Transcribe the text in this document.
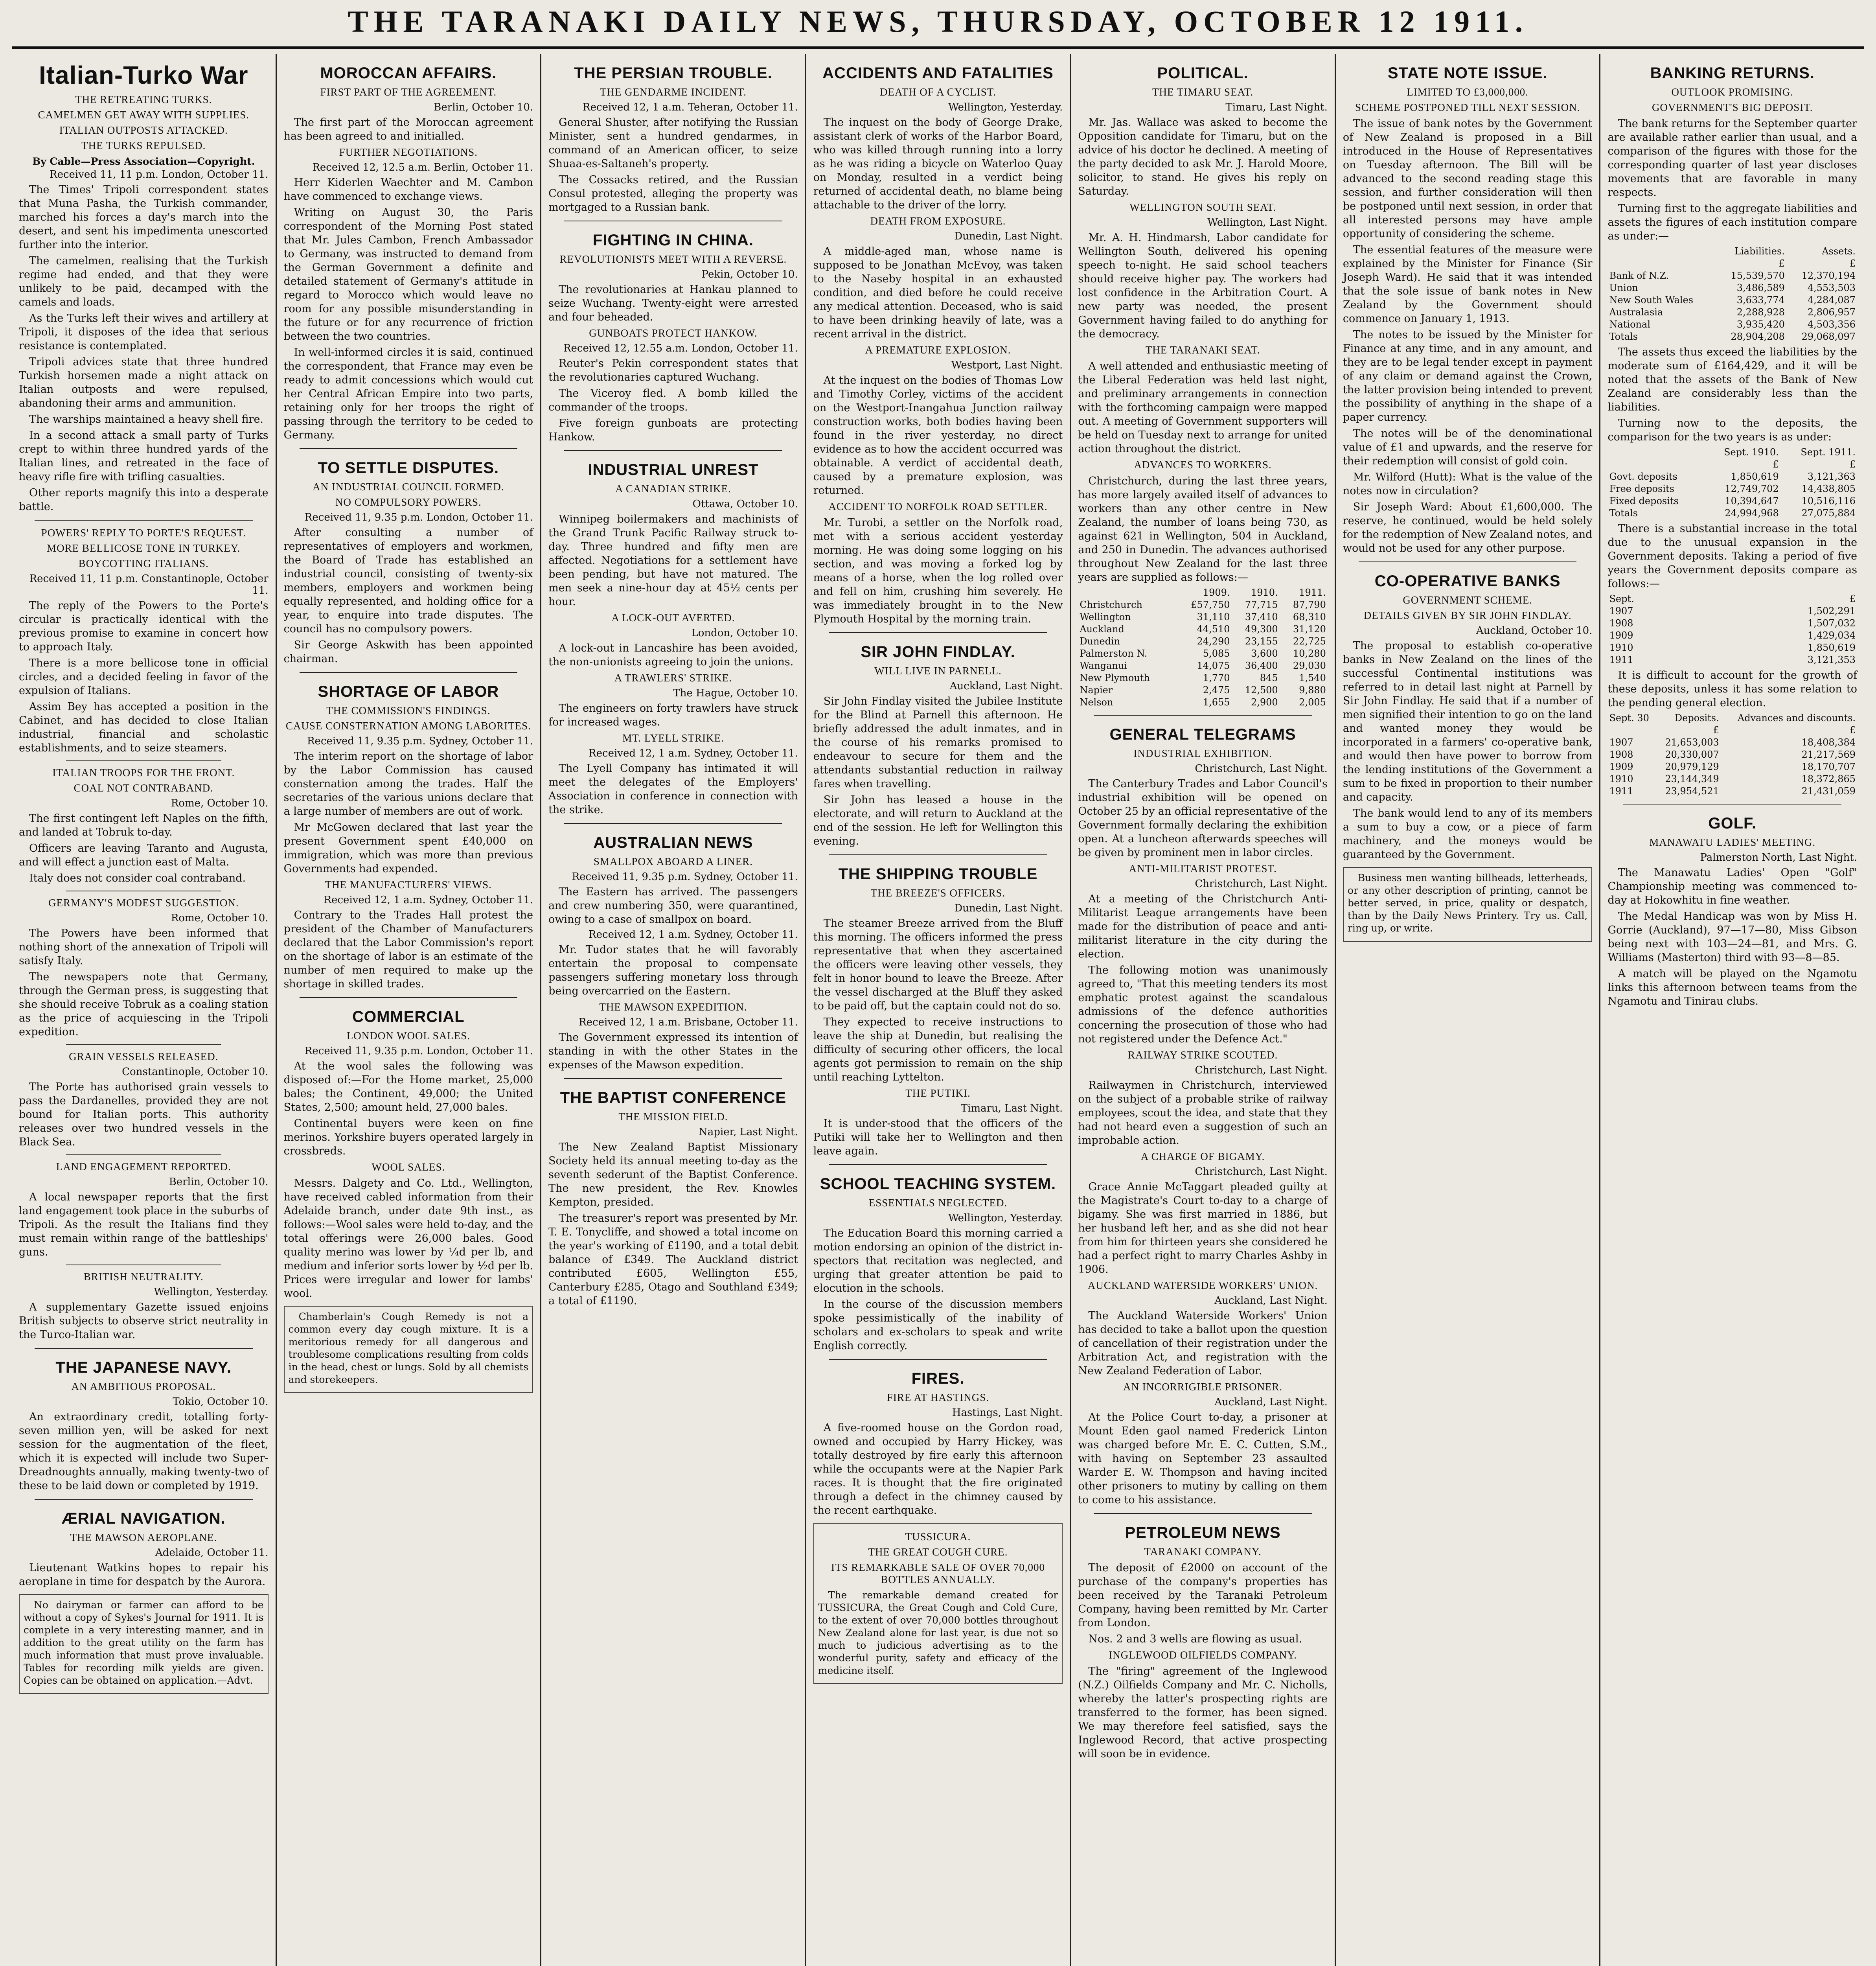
THE TARANAKI DAILY NEWS, THURSDAY, OCTOBER 12 1911.
Italian-Turko War
THE RETREATING TURKS.
CAMELMEN GET AWAY WITH SUPPLIES.
ITALIAN OUTPOSTS ATTACKED.
THE TURKS REPULSED.
By Cable—Press Association—Copyright.
Received 11, 11 p.m. London, October 11.

The Times' Tripoli correspondent states that Muna Pasha, the Turkish commander, marched his forces a day's march into the desert, and sent his impedimenta unescorted further into the interior.

The camelmen, realising that the Turkish regime had ended, and that they were unlikely to be paid, decamped with the camels and loads.

As the Turks left their wives and artillery at Tripoli, it disposes of the idea that serious resistance is contemplated.

Tripoli advices state that three hundred Turkish horsemen made a night attack on Italian outposts and were repulsed, abandoning their arms and ammunition.

The warships maintained a heavy shell fire.

In a second attack a small party of Turks crept to within three hundred yards of the Italian lines, and retreated in the face of heavy rifle fire with trifling casualties.

Other reports magnify this into a desperate battle.

POWERS' REPLY TO PORTE'S REQUEST.
MORE BELLICOSE TONE IN TURKEY.
BOYCOTTING ITALIANS.
Received 11, 11 p.m. Constantinople, October 11.

The reply of the Powers to the Porte's circular is practically identical with the previous promise to examine in concert how to approach Italy.

There is a more bellicose tone in official circles, and a decided feeling in favor of the expulsion of Italians.

Assim Bey has accepted a position in the Cabinet, and has decided to close Italian industrial, financial and scholastic establishments, and to seize steamers.

ITALIAN TROOPS FOR THE FRONT.
COAL NOT CONTRABAND.
Rome, October 10.

The first contingent left Naples on the fifth, and landed at Tobruk to-day.

Officers are leaving Taranto and Augusta, and will effect a junction east of Malta.

Italy does not consider coal contraband.

GERMANY'S MODEST SUGGESTION.
Rome, October 10.

The Powers have been informed that nothing short of the annexation of Tripoli will satisfy Italy.

The newspapers note that Germany, through the German press, is suggesting that she should receive Tobruk as a coaling station as the price of acquiescing in the Tripoli expedition.

GRAIN VESSELS RELEASED.
Constantinople, October 10.

The Porte has authorised grain vessels to pass the Dardanelles, provided they are not bound for Italian ports. This authority releases over two hundred vessels in the Black Sea.

LAND ENGAGEMENT REPORTED.
Berlin, October 10.

A local newspaper reports that the first land engagement took place in the suburbs of Tripoli. As the result the Italians find they must remain within range of the battleships' guns.

BRITISH NEUTRALITY.
Wellington, Yesterday.

A supplementary Gazette issued enjoins British subjects to observe strict neutrality in the Turco-Italian war.

THE JAPANESE NAVY.
AN AMBITIOUS PROPOSAL.
Tokio, October 10.

An extraordinary credit, totalling forty-seven million yen, will be asked for next session for the augmentation of the fleet, which it is expected will include two Super-Dreadnoughts annually, making twenty-two of these to be laid down or completed by 1919.

ÆRIAL NAVIGATION.
THE MAWSON AEROPLANE.
Adelaide, October 11.

Lieutenant Watkins hopes to repair his aeroplane in time for despatch by the Aurora.

No dairyman or farmer can afford to be without a copy of Sykes's Journal for 1911. It is complete in a very interesting manner, and in addition to the great utility on the farm has much information that must prove invaluable. Tables for recording milk yields are given. Copies can be obtained on application.—Advt.

MOROCCAN AFFAIRS.
FIRST PART OF THE AGREEMENT.
Berlin, October 10.

The first part of the Moroccan agreement has been agreed to and initialled.

FURTHER NEGOTIATIONS.
Received 12, 12.5 a.m. Berlin, October 11.

Herr Kiderlen Waechter and M. Cambon have commenced to exchange views.

Writing on August 30, the Paris correspondent of the Morning Post stated that Mr. Jules Cambon, French Ambassador to Germany, was instructed to demand from the German Government a definite and detailed statement of Germany's attitude in regard to Morocco which would leave no room for any possible misunderstanding in the future or for any recurrence of friction between the two countries.

In well-informed circles it is said, continued the correspondent, that France may even be ready to admit concessions which would cut her Central African Empire into two parts, retaining only for her troops the right of passing through the territory to be ceded to Germany.

TO SETTLE DISPUTES.
AN INDUSTRIAL COUNCIL FORMED.
NO COMPULSORY POWERS.
Received 11, 9.35 p.m. London, October 11.

After consulting a number of representatives of employers and workmen, the Board of Trade has established an industrial council, consisting of twenty-six members, employers and workmen being equally represented, and holding office for a year, to enquire into trade disputes. The council has no compulsory powers.

Sir George Askwith has been appointed chairman.

SHORTAGE OF LABOR
THE COMMISSION'S FINDINGS.
CAUSE CONSTERNATION AMONG LABORITES.
Received 11, 9.35 p.m. Sydney, October 11.

The interim report on the shortage of labor by the Labor Commission has caused consternation among the trades. Half the secretaries of the various unions declare that a large number of members are out of work.

Mr McGowen declared that last year the present Government spent £40,000 on immigration, which was more than previous Governments had expended.

THE MANUFACTURERS' VIEWS.
Received 12, 1 a.m. Sydney, October 11.

Contrary to the Trades Hall protest the president of the Chamber of Manufacturers declared that the Labor Commission's report on the shortage of labor is an estimate of the number of men required to make up the shortage in skilled trades.

COMMERCIAL
LONDON WOOL SALES.
Received 11, 9.35 p.m. London, October 11.

At the wool sales the following was disposed of:—For the Home market, 25,000 bales; the Continent, 49,000; the United States, 2,500; amount held, 27,000 bales.

Continental buyers were keen on fine merinos. Yorkshire buyers operated largely in crossbreds.

WOOL SALES.

Messrs. Dalgety and Co. Ltd., Wellington, have received cabled information from their Adelaide branch, under date 9th inst., as follows:—Wool sales were held to-day, and the total offerings were 26,000 bales. Good quality merino was lower by ¼d per lb, and medium and inferior sorts lower by ½d per lb. Prices were irregular and lower for lambs' wool.

Chamberlain's Cough Remedy is not a common every day cough mixture. It is a meritorious remedy for all dangerous and troublesome complications resulting from colds in the head, chest or lungs. Sold by all chemists and storekeepers.

THE PERSIAN TROUBLE.
THE GENDARME INCIDENT.
Received 12, 1 a.m. Teheran, October 11.

General Shuster, after notifying the Russian Minister, sent a hundred gendarmes, in command of an American officer, to seize Shuaa-es-Saltaneh's property.

The Cossacks retired, and the Russian Consul protested, alleging the property was mortgaged to a Russian bank.

FIGHTING IN CHINA.
REVOLUTIONISTS MEET WITH A REVERSE.
Pekin, October 10.

The revolutionaries at Hankau planned to seize Wuchang. Twenty-eight were arrested and four beheaded.

GUNBOATS PROTECT HANKOW.
Received 12, 12.55 a.m. London, October 11.

Reuter's Pekin correspondent states that the revolutionaries captured Wuchang.

The Viceroy fled. A bomb killed the commander of the troops.

Five foreign gunboats are protecting Hankow.

INDUSTRIAL UNREST
A CANADIAN STRIKE.
Ottawa, October 10.

Winnipeg boilermakers and machinists of the Grand Trunk Pacific Railway struck to-day. Three hundred and fifty men are affected. Negotiations for a settlement have been pending, but have not matured. The men seek a nine-hour day at 45½ cents per hour.

A LOCK-OUT AVERTED.
London, October 10.

A lock-out in Lancashire has been avoided, the non-unionists agreeing to join the unions.

A TRAWLERS' STRIKE.
The Hague, October 10.

The engineers on forty trawlers have struck for increased wages.

MT. LYELL STRIKE.
Received 12, 1 a.m. Sydney, October 11.

The Lyell Company has intimated it will meet the delegates of the Employers' Association in conference in connection with the strike.

AUSTRALIAN NEWS
SMALLPOX ABOARD A LINER.
Received 11, 9.35 p.m. Sydney, October 11.

The Eastern has arrived. The passengers and crew numbering 350, were quarantined, owing to a case of smallpox on board.

Received 12, 1 a.m. Sydney, October 11.

Mr. Tudor states that he will favorably entertain the proposal to compensate passengers suffering monetary loss through being overcarried on the Eastern.

THE MAWSON EXPEDITION.
Received 12, 1 a.m. Brisbane, October 11.

The Government expressed its intention of standing in with the other States in the expenses of the Mawson expedition.

THE BAPTIST CONFERENCE
THE MISSION FIELD.
Napier, Last Night.

The New Zealand Baptist Missionary Society held its annual meeting to-day as the seventh sederunt of the Baptist Conference. The new president, the Rev. Knowles Kempton, presided.

The treasurer's report was presented by Mr. T. E. Tonycliffe, and showed a total income on the year's working of £1190, and a total debit balance of £349. The Auckland district contributed £605, Wellington £55, Canterbury £285, Otago and Southland £349; a total of £1190.

ACCIDENTS AND FATALITIES
DEATH OF A CYCLIST.
Wellington, Yesterday.

The inquest on the body of George Drake, assistant clerk of works of the Harbor Board, who was killed through running into a lorry as he was riding a bicycle on Waterloo Quay on Monday, resulted in a verdict being returned of accidental death, no blame being attachable to the driver of the lorry.

DEATH FROM EXPOSURE.
Dunedin, Last Night.

A middle-aged man, whose name is supposed to be Jonathan McEvoy, was taken to the Naseby hospital in an exhausted condition, and died before he could receive any medical attention. Deceased, who is said to have been drinking heavily of late, was a recent arrival in the district.

A PREMATURE EXPLOSION.
Westport, Last Night.

At the inquest on the bodies of Thomas Low and Timothy Corley, victims of the accident on the Westport-Inangahua Junction railway construction works, both bodies having been found in the river yesterday, no direct evidence as to how the accident occurred was obtainable. A verdict of accidental death, caused by a premature explosion, was returned.

ACCIDENT TO NORFOLK ROAD SETTLER.

Mr. Turobi, a settler on the Norfolk road, met with a serious accident yesterday morning. He was doing some logging on his section, and was moving a forked log by means of a horse, when the log rolled over and fell on him, crushing him severely. He was immediately brought in to the New Plymouth Hospital by the morning train.

SIR JOHN FINDLAY.
WILL LIVE IN PARNELL.
Auckland, Last Night.

Sir John Findlay visited the Jubilee Institute for the Blind at Parnell this afternoon. He briefly addressed the adult inmates, and in the course of his remarks promised to endeavour to secure for them and the attendants substantial reduction in railway fares when travelling.

Sir John has leased a house in the electorate, and will return to Auckland at the end of the session. He left for Wellington this evening.

THE SHIPPING TROUBLE
THE BREEZE'S OFFICERS.
Dunedin, Last Night.

The steamer Breeze arrived from the Bluff this morning. The officers informed the press representative that when they ascertained the officers were leaving other vessels, they felt in honor bound to leave the Breeze. After the vessel discharged at the Bluff they asked to be paid off, but the captain could not do so.

They expected to receive instructions to leave the ship at Dunedin, but realising the difficulty of securing other officers, the local agents got permission to remain on the ship until reaching Lyttelton.

THE PUTIKI.
Timaru, Last Night.

It is under-stood that the officers of the Putiki will take her to Wellington and then leave again.

SCHOOL TEACHING SYSTEM.
ESSENTIALS NEGLECTED.
Wellington, Yesterday.

The Education Board this morning carried a motion endorsing an opinion of the district in-spectors that recitation was neglected, and urging that greater attention be paid to elocution in the schools.

In the course of the discussion members spoke pessimistically of the inability of scholars and ex-scholars to speak and write English correctly.

FIRES.
FIRE AT HASTINGS.
Hastings, Last Night.

A five-roomed house on the Gordon road, owned and occupied by Harry Hickey, was totally destroyed by fire early this afternoon while the occupants were at the Napier Park races. It is thought that the fire originated through a defect in the chimney caused by the recent earthquake.

TUSSICURA.
THE GREAT COUGH CURE.
ITS REMARKABLE SALE OF OVER 70,000 BOTTLES ANNUALLY.

The remarkable demand created for TUSSICURA, the Great Cough and Cold Cure, to the extent of over 70,000 bottles throughout New Zealand alone for last year, is due not so much to judicious advertising as to the wonderful purity, safety and efficacy of the medicine itself.

POLITICAL.
THE TIMARU SEAT.
Timaru, Last Night.

Mr. Jas. Wallace was asked to become the Opposition candidate for Timaru, but on the advice of his doctor he declined. A meeting of the party decided to ask Mr. J. Harold Moore, solicitor, to stand. He gives his reply on Saturday.

WELLINGTON SOUTH SEAT.
Wellington, Last Night.

Mr. A. H. Hindmarsh, Labor candidate for Wellington South, delivered his opening speech to-night. He said school teachers should receive higher pay. The workers had lost confidence in the Arbitration Court. A new party was needed, the present Government having failed to do anything for the democracy.

THE TARANAKI SEAT.

A well attended and enthusiastic meeting of the Liberal Federation was held last night, and preliminary arrangements in connection with the forthcoming campaign were mapped out. A meeting of Government supporters will be held on Tuesday next to arrange for united action throughout the district.

ADVANCES TO WORKERS.

Christchurch, during the last three years, has more largely availed itself of advances to workers than any other centre in New Zealand, the number of loans being 730, as against 621 in Wellington, 504 in Auckland, and 250 in Dunedin. The advances authorised throughout New Zealand for the last three years are supplied as follows:—

	1909.	1910.	1911.
Christchurch	£57,750	77,715	87,790
Wellington	31,110	37,410	68,310
Auckland	44,510	49,300	31,120
Dunedin	24,290	23,155	22,725
Palmerston N.	5,085	3,600	10,280
Wanganui	14,075	36,400	29,030
New Plymouth	1,770	845	1,540
Napier	2,475	12,500	9,880
Nelson	1,655	2,900	2,005
GENERAL TELEGRAMS
INDUSTRIAL EXHIBITION.
Christchurch, Last Night.

The Canterbury Trades and Labor Council's industrial exhibition will be opened on October 25 by an official representative of the Government formally declaring the exhibition open. At a luncheon afterwards speeches will be given by prominent men in labor circles.

ANTI-MILITARIST PROTEST.
Christchurch, Last Night.

At a meeting of the Christchurch Anti-Militarist League arrangements have been made for the distribution of peace and anti-militarist literature in the city during the election.

The following motion was unanimously agreed to, "That this meeting tenders its most emphatic protest against the scandalous admissions of the defence authorities concerning the prosecution of those who had not registered under the Defence Act."

RAILWAY STRIKE SCOUTED.
Christchurch, Last Night.

Railwaymen in Christchurch, interviewed on the subject of a probable strike of railway employees, scout the idea, and state that they had not heard even a suggestion of such an improbable action.

A CHARGE OF BIGAMY.
Christchurch, Last Night.

Grace Annie McTaggart pleaded guilty at the Magistrate's Court to-day to a charge of bigamy. She was first married in 1886, but her husband left her, and as she did not hear from him for thirteen years she considered he had a perfect right to marry Charles Ashby in 1906.

AUCKLAND WATERSIDE WORKERS' UNION.
Auckland, Last Night.

The Auckland Waterside Workers' Union has decided to take a ballot upon the question of cancellation of their registration under the Arbitration Act, and registration with the New Zealand Federation of Labor.

AN INCORRIGIBLE PRISONER.
Auckland, Last Night.

At the Police Court to-day, a prisoner at Mount Eden gaol named Frederick Linton was charged before Mr. E. C. Cutten, S.M., with having on September 23 assaulted Warder E. W. Thompson and having incited other prisoners to mutiny by calling on them to come to his assistance.

PETROLEUM NEWS
TARANAKI COMPANY.

The deposit of £2000 on account of the purchase of the company's properties has been received by the Taranaki Petroleum Company, having been remitted by Mr. Carter from London.

Nos. 2 and 3 wells are flowing as usual.

INGLEWOOD OILFIELDS COMPANY.

The "firing" agreement of the Inglewood (N.Z.) Oilfields Company and Mr. C. Nicholls, whereby the latter's prospecting rights are transferred to the former, has been signed. We may therefore feel satisfied, says the Inglewood Record, that active prospecting will soon be in evidence.

STATE NOTE ISSUE.
LIMITED TO £3,000,000.
SCHEME POSTPONED TILL NEXT SESSION.

The issue of bank notes by the Government of New Zealand is proposed in a Bill introduced in the House of Representatives on Tuesday afternoon. The Bill will be advanced to the second reading stage this session, and further consideration will then be postponed until next session, in order that all interested persons may have ample opportunity of considering the scheme.

The essential features of the measure were explained by the Minister for Finance (Sir Joseph Ward). He said that it was intended that the sole issue of bank notes in New Zealand by the Government should commence on January 1, 1913.

The notes to be issued by the Minister for Finance at any time, and in any amount, and they are to be legal tender except in payment of any claim or demand against the Crown, the latter provision being intended to prevent the possibility of anything in the shape of a paper currency.

The notes will be of the denominational value of £1 and upwards, and the reserve for their redemption will consist of gold coin.

Mr. Wilford (Hutt): What is the value of the notes now in circulation?

Sir Joseph Ward: About £1,600,000. The reserve, he continued, would be held solely for the redemption of New Zealand notes, and would not be used for any other purpose.

CO-OPERATIVE BANKS
GOVERNMENT SCHEME.
DETAILS GIVEN BY SIR JOHN FINDLAY.
Auckland, October 10.

The proposal to establish co-operative banks in New Zealand on the lines of the successful Continental institutions was referred to in detail last night at Parnell by Sir John Findlay. He said that if a number of men signified their intention to go on the land and wanted money they would be incorporated in a farmers' co-operative bank, and would then have power to borrow from the lending institutions of the Government a sum to be fixed in proportion to their number and capacity.

The bank would lend to any of its members a sum to buy a cow, or a piece of farm machinery, and the moneys would be guaranteed by the Government.

Business men wanting billheads, letterheads, or any other description of printing, cannot be better served, in price, quality or despatch, than by the Daily News Printery. Try us. Call, ring up, or write.

BANKING RETURNS.
OUTLOOK PROMISING.
GOVERNMENT'S BIG DEPOSIT.

The bank returns for the September quarter are available rather earlier than usual, and a comparison of the figures with those for the corresponding quarter of last year discloses movements that are favorable in many respects.

Turning first to the aggregate liabilities and assets the figures of each institution compare as under:—

	Liabilities.	Assets.
	£	£
Bank of N.Z.	15,539,570	12,370,194
Union	3,486,589	4,553,503
New South Wales	3,633,774	4,284,087
Australasia	2,288,928	2,806,957
National	3,935,420	4,503,356
Totals	28,904,208	29,068,097

The assets thus exceed the liabilities by the moderate sum of £164,429, and it will be noted that the assets of the Bank of New Zealand are considerably less than the liabilities.

Turning now to the deposits, the comparison for the two years is as under:

	Sept. 1910.	Sept. 1911.
	£	£
Govt. deposits	1,850,619	3,121,363
Free deposits	12,749,702	14,438,805
Fixed deposits	10,394,647	10,516,116
Totals	24,994,968	27,075,884

There is a substantial increase in the total due to the unusual expansion in the Government deposits. Taking a period of five years the Government deposits compare as follows:—

Sept.	£
1907	1,502,291
1908	1,507,032
1909	1,429,034
1910	1,850,619
1911	3,121,353

It is difficult to account for the growth of these deposits, unless it has some relation to the pending general election.

Sept. 30	Deposits.	Advances and discounts.
	£	£
1907	21,653,003	18,408,384
1908	20,330,007	21,217,569
1909	20,979,129	18,170,707
1910	23,144,349	18,372,865
1911	23,954,521	21,431,059
GOLF.
MANAWATU LADIES' MEETING.
Palmerston North, Last Night.

The Manawatu Ladies' Open "Golf" Championship meeting was commenced to-day at Hokowhitu in fine weather.

The Medal Handicap was won by Miss H. Gorrie (Auckland), 97—17—80, Miss Gibson being next with 103—24—81, and Mrs. G. Williams (Masterton) third with 93—8—85.

A match will be played on the Ngamotu links this afternoon between teams from the Ngamotu and Tinirau clubs.
